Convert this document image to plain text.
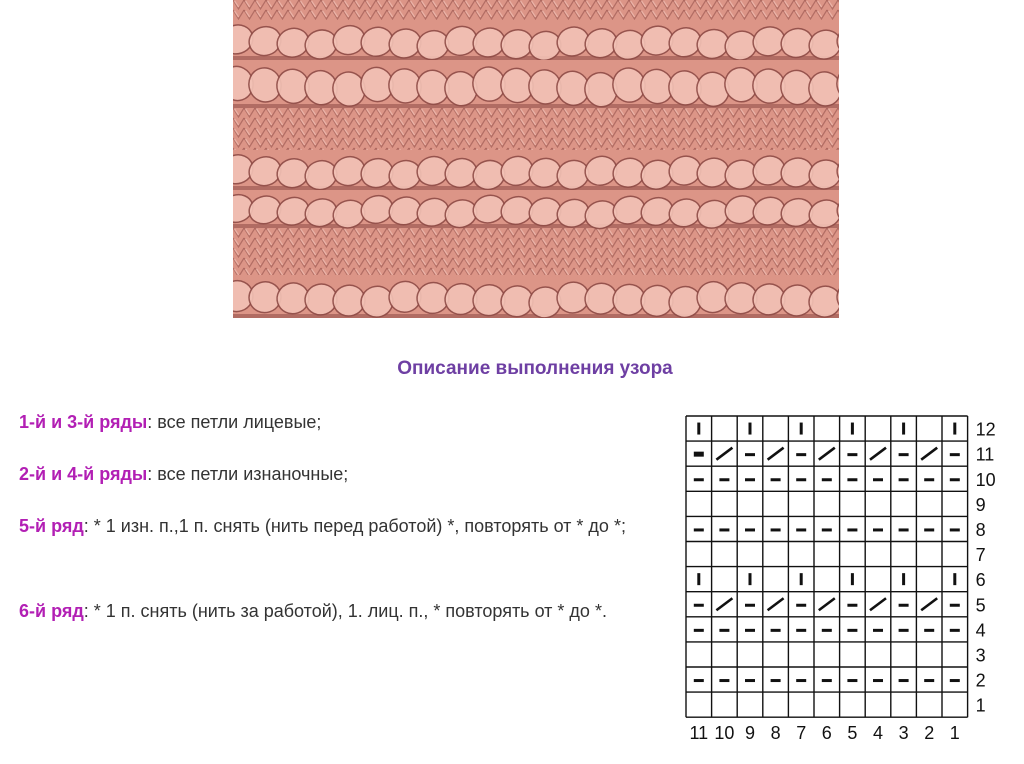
Описание выполнения узора
1-й и 3-й ряды: все петли лицевые;
2-й и 4-й ряды: все петли изнаночные;
5-й ряд: * 1 изн. п.,1 п. снять (нить перед работой) *, повторять от * до *;
6-й ряд: * 1 п. снять (нить за работой), 1. лиц. п., * повторять от * до *.
12
11
10
9
8
7
6
5
4
3
2
1
11 10 9 8 7 6 5 4 3 2 1
